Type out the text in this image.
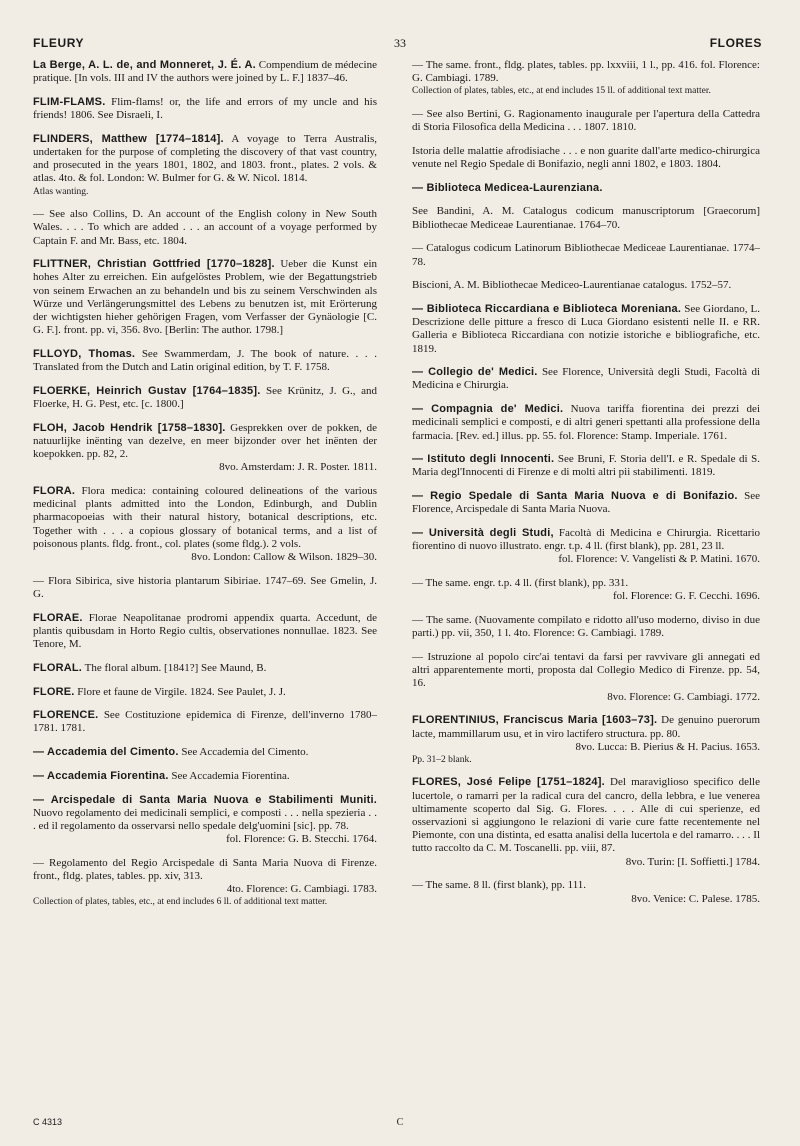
FLEURY	33	FLORES
La Berge, A. L. de, and Monneret, J. É. A. Compendium de médecine pratique. [In vols. III and IV the authors were joined by L. F.] 1837–46.
FLIM-FLAMS. Flim-flams! or, the life and errors of my uncle and his friends! 1806. See Disraeli, I.
FLINDERS, Matthew [1774–1814]. A voyage to Terra Australis, undertaken for the purpose of completing the discovery of that vast country, and prosecuted in the years 1801, 1802, and 1803. front., plates. 2 vols. & atlas. 4to. & fol. London: W. Bulmer for G. & W. Nicol. 1814.
Atlas wanting.
— See also Collins, D. An account of the English colony in New South Wales. . . . To which are added . . . an account of a voyage performed by Captain F. and Mr. Bass, etc. 1804.
FLITTNER, Christian Gottfried [1770–1828]. Ueber die Kunst ein hohes Alter zu erreichen. Ein aufgelöstes Problem, wie der Begattungstrieb von seinem Erwachen an zu behandeln und bis zu seinem Verschwinden als Würze und Verlängerungsmittel des Lebens zu benutzen ist, mit Erörterung der wichtigsten hieher gehörigen Fragen, vom Verfasser der Gynäologie [C. G. F.]. front. pp. vi, 356. 8vo. [Berlin: The author. 1798.]
FLLOYD, Thomas. See Swammerdam, J. The book of nature. . . . Translated from the Dutch and Latin original edition, by T. F. 1758.
FLOERKE, Heinrich Gustav [1764–1835]. See Krünitz, J. G., and Floerke, H. G. Pest, etc. [c. 1800.]
FLOH, Jacob Hendrik [1758–1830]. Gesprekken over de pokken, de natuurlijke inënting van dezelve, en meer bijzonder over het inënten der koepokken. pp. 82, 2.
8vo. Amsterdam: J. R. Poster. 1811.
FLORA. Flora medica: containing coloured delineations of the various medicinal plants admitted into the London, Edinburgh, and Dublin pharmacopoeias with their natural history, botanical descriptions, etc. Together with . . . a copious glossary of botanical terms, and a list of poisonous plants. fldg. front., col. plates (some fldg.). 2 vols.
8vo. London: Callow & Wilson. 1829–30.
— Flora Sibirica, sive historia plantarum Sibiriae. 1747–69. See Gmelin, J. G.
FLORAE. Florae Neapolitanae prodromi appendix quarta. Accedunt, de plantis quibusdam in Horto Regio cultis, observationes nonnullae. 1823. See Tenore, M.
FLORAL. The floral album. [1841?] See Maund, B.
FLORE. Flore et faune de Virgile. 1824. See Paulet, J. J.
FLORENCE. See Costituzione epidemica di Firenze, dell'inverno 1780–1781. 1781.
— Accademia del Cimento. See Accademia del Cimento.
— Accademia Fiorentina. See Accademia Fiorentina.
— Arcispedale di Santa Maria Nuova e Stabilimenti Muniti. Nuovo regolamento dei medicinali semplici, e composti . . . nella spezieria . . . ed il regolamento da osservarsi nello spedale delg'uomini [sic]. pp. 78.
fol. Florence: G. B. Stecchi. 1764.
— Regolamento del Regio Arcispedale di Santa Maria Nuova di Firenze. front., fldg. plates, tables. pp. xiv, 313.
4to. Florence: G. Cambiagi. 1783.
Collection of plates, tables, etc., at end includes 6 ll. of additional text matter.
— The same. front., fldg. plates, tables. pp. lxxviii, 1 l., pp. 416. fol. Florence: G. Cambiagi. 1789.
Collection of plates, tables, etc., at end includes 15 ll. of additional text matter.
— See also Bertini, G. Ragionamento inaugurale per l'apertura della Cattedra di Storia Filosofica della Medicina . . . 1807. 1810.
Istoria delle malattie afrodisiache . . . e non guarite dall'arte medico-chirurgica venute nel Regio Spedale di Bonifazio, negli anni 1802, e 1803. 1804.
— Biblioteca Medicea-Laurenziana.
See Bandini, A. M. Catalogus codicum manuscriptorum [Graecorum] Bibliothecae Mediceae Laurentianae. 1764–70.
— Catalogus codicum Latinorum Bibliothecae Mediceae Laurentianae. 1774–78.
Biscioni, A. M. Bibliothecae Mediceo-Laurentianae catalogus. 1752–57.
— Biblioteca Riccardiana e Biblioteca Moreniana. See Giordano, L. Descrizione delle pitture a fresco di Luca Giordano esistenti nelle II. e RR. Galleria e Biblioteca Riccardiana con notizie istoriche e bibliografiche, etc. 1819.
— Collegio de' Medici. See Florence, Università degli Studi, Facoltà di Medicina e Chirurgia.
— Compagnia de' Medici. Nuova tariffa fiorentina dei prezzi dei medicinali semplici e composti, e di altri generi spettanti alla professione della farmacia. [Rev. ed.] illus. pp. 55. fol. Florence: Stamp. Imperiale. 1761.
— Istituto degli Innocenti. See Bruni, F. Storia dell'I. e R. Spedale di S. Maria degl'Innocenti di Firenze e di molti altri pii stabilimenti. 1819.
— Regio Spedale di Santa Maria Nuova e di Bonifazio. See Florence, Arcispedale di Santa Maria Nuova.
— Università degli Studi, Facoltà di Medicina e Chirurgia. Ricettario fiorentino di nuovo illustrato. engr. t.p. 4 ll. (first blank), pp. 281, 23 ll.
fol. Florence: V. Vangelisti & P. Matini. 1670.
— The same. engr. t.p. 4 ll. (first blank), pp. 331.
fol. Florence: G. F. Cecchi. 1696.
— The same. (Nuovamente compilato e ridotto all'uso moderno, diviso in due parti.) pp. vii, 350, 1 l. 4to. Florence: G. Cambiagi. 1789.
— Istruzione al popolo circ'ai tentavi da farsi per ravvivare gli annegati ed altri apparentemente morti, proposta dal Collegio Medico di Firenze. pp. 54, 16.
8vo. Florence: G. Cambiagi. 1772.
FLORENTINIUS, Franciscus Maria [1603–73]. De genuino puerorum lacte, mammillarum usu, et in viro lactifero structura. pp. 80.
8vo. Lucca: B. Pierius & H. Pacius. 1653.
Pp. 31–2 blank.
FLORES, José Felipe [1751–1824]. Del maraviglioso specifico delle lucertole, o ramarri per la radical cura del cancro, della lebbra, e lue venerea ultimamente scoperto dal Sig. G. Flores. . . . Alle di cui sperienze, ed osservazioni si aggiungono le relazioni di varie cure fatte recentemente nel Piemonte, con una distinta, ed esatta analisi della lucertola e del ramarro. . . . Il tutto raccolto da C. M. Toscanelli. pp. viii, 87.
8vo. Turin: [I. Soffietti.] 1784.
— The same. 8 ll. (first blank), pp. 111.
8vo. Venice: C. Palese. 1785.
C 4313	C
